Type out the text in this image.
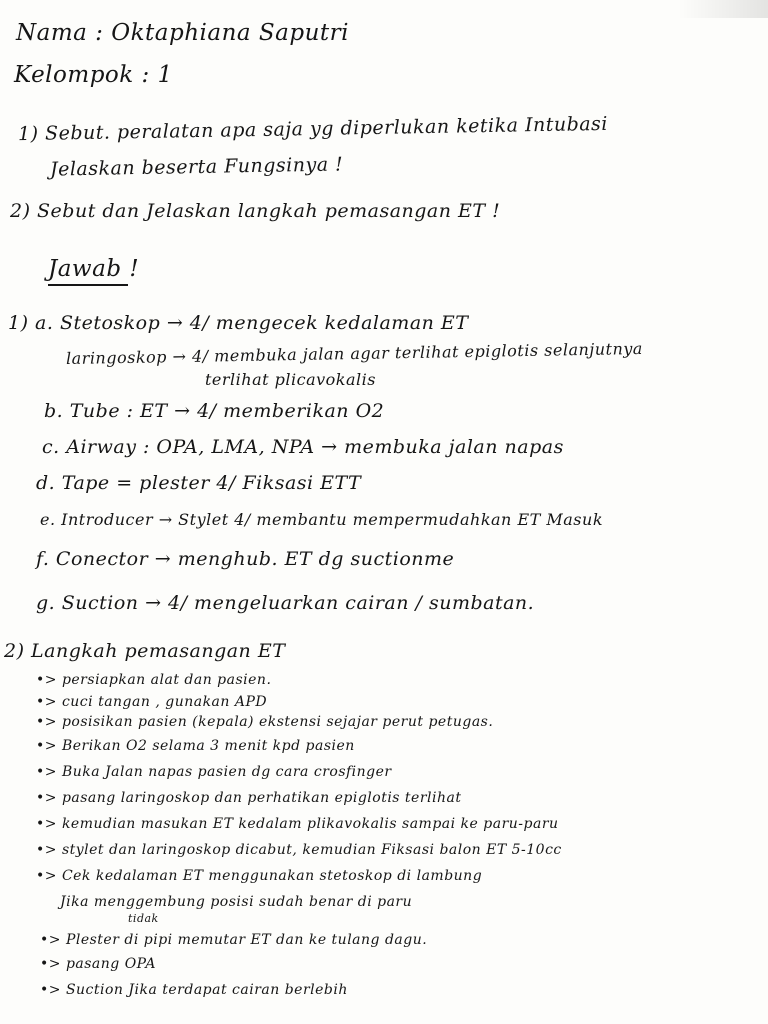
Nama : Oktaphiana Saputri
Kelompok : 1
1) Sebut. peralatan apa saja yg diperlukan ketika Intubasi
Jelaskan beserta Fungsinya !
2) Sebut dan Jelaskan langkah pemasangan ET !
Jawab !
1) a. Stetoskop → 4/ mengecek kedalaman ET
laringoskop → 4/ membuka jalan agar terlihat epiglotis selanjutnya
terlihat plicavokalis
b. Tube : ET → 4/ memberikan O2
c. Airway : OPA, LMA, NPA → membuka jalan napas
d. Tape = plester 4/ Fiksasi ETT
e. Introducer → Stylet 4/ membantu mempermudahkan ET Masuk
f. Conector → menghub. ET dg suctionme
g. Suction → 4/ mengeluarkan cairan / sumbatan.
2) Langkah pemasangan ET
•> persiapkan alat dan pasien.
•> cuci tangan , gunakan APD
•> posisikan pasien (kepala) ekstensi sejajar perut petugas.
•> Berikan O2 selama 3 menit kpd pasien
•> Buka Jalan napas pasien dg cara crosfinger
•> pasang laringoskop dan perhatikan epiglotis terlihat
•> kemudian masukan ET kedalam plikavokalis sampai ke paru-paru
•> stylet dan laringoskop dicabut, kemudian Fiksasi balon ET 5-10cc
•> Cek kedalaman ET menggunakan stetoskop di lambung
Jika menggembung posisi sudah benar di paru
tidak
•> Plester di pipi memutar ET dan ke tulang dagu.
•> pasang OPA
•> Suction Jika terdapat cairan berlebih
